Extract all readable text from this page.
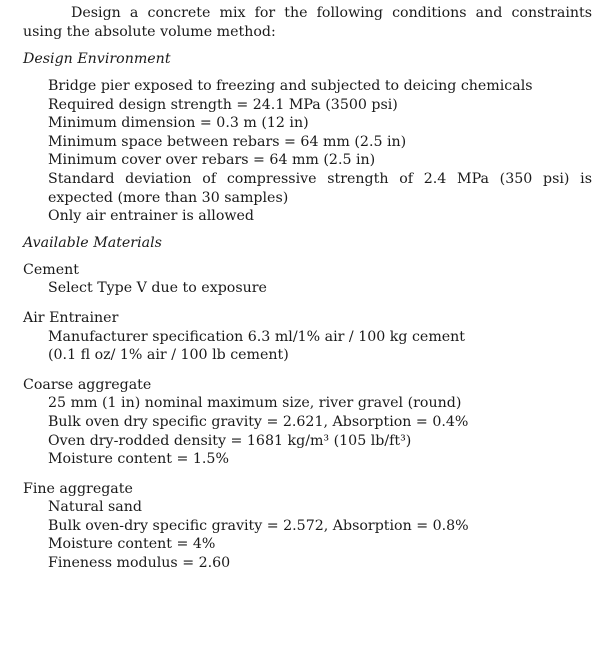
Design a concrete mix for the following conditions and constraints using the absolute volume method:

Design Environment
Bridge pier exposed to freezing and subjected to deicing chemicals
Required design strength = 24.1 MPa (3500 psi)
Minimum dimension = 0.3 m (12 in)
Minimum space between rebars = 64 mm (2.5 in)
Minimum cover over rebars = 64 mm (2.5 in)
Standard deviation of compressive strength of 2.4 MPa (350 psi) is expected (more than 30 samples)
Only air entrainer is allowed
Available Materials
Cement
Select Type V due to exposure
Air Entrainer
Manufacturer specification 6.3 ml/1% air / 100 kg cement
(0.1 fl oz/ 1% air / 100 lb cement)
Coarse aggregate
25 mm (1 in) nominal maximum size, river gravel (round)
Bulk oven dry specific gravity = 2.621, Absorption = 0.4%
Oven dry-rodded density = 1681 kg/m³ (105 lb/ft³)
Moisture content = 1.5%
Fine aggregate
Natural sand
Bulk oven-dry specific gravity = 2.572, Absorption = 0.8%
Moisture content = 4%
Fineness modulus = 2.60
